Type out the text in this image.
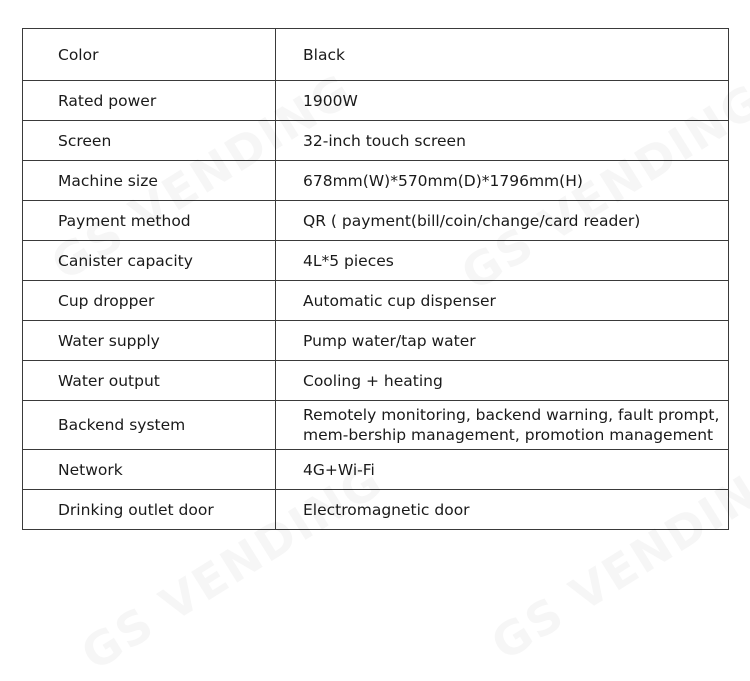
Color	Black
Rated power	1900W
Screen	32-inch touch screen
Machine size	678mm(W)*570mm(D)*1796mm(H)
Payment method	QR ( payment(bill/coin/change/card reader)
Canister capacity	4L*5 pieces
Cup dropper	Automatic cup dispenser
Water supply	Pump water/tap water
Water output	Cooling + heating
Backend system	Remotely monitoring, backend warning, fault prompt, mem-bership management, promotion management
Network	4G+Wi-Fi
Drinking outlet door	Electromagnetic door
